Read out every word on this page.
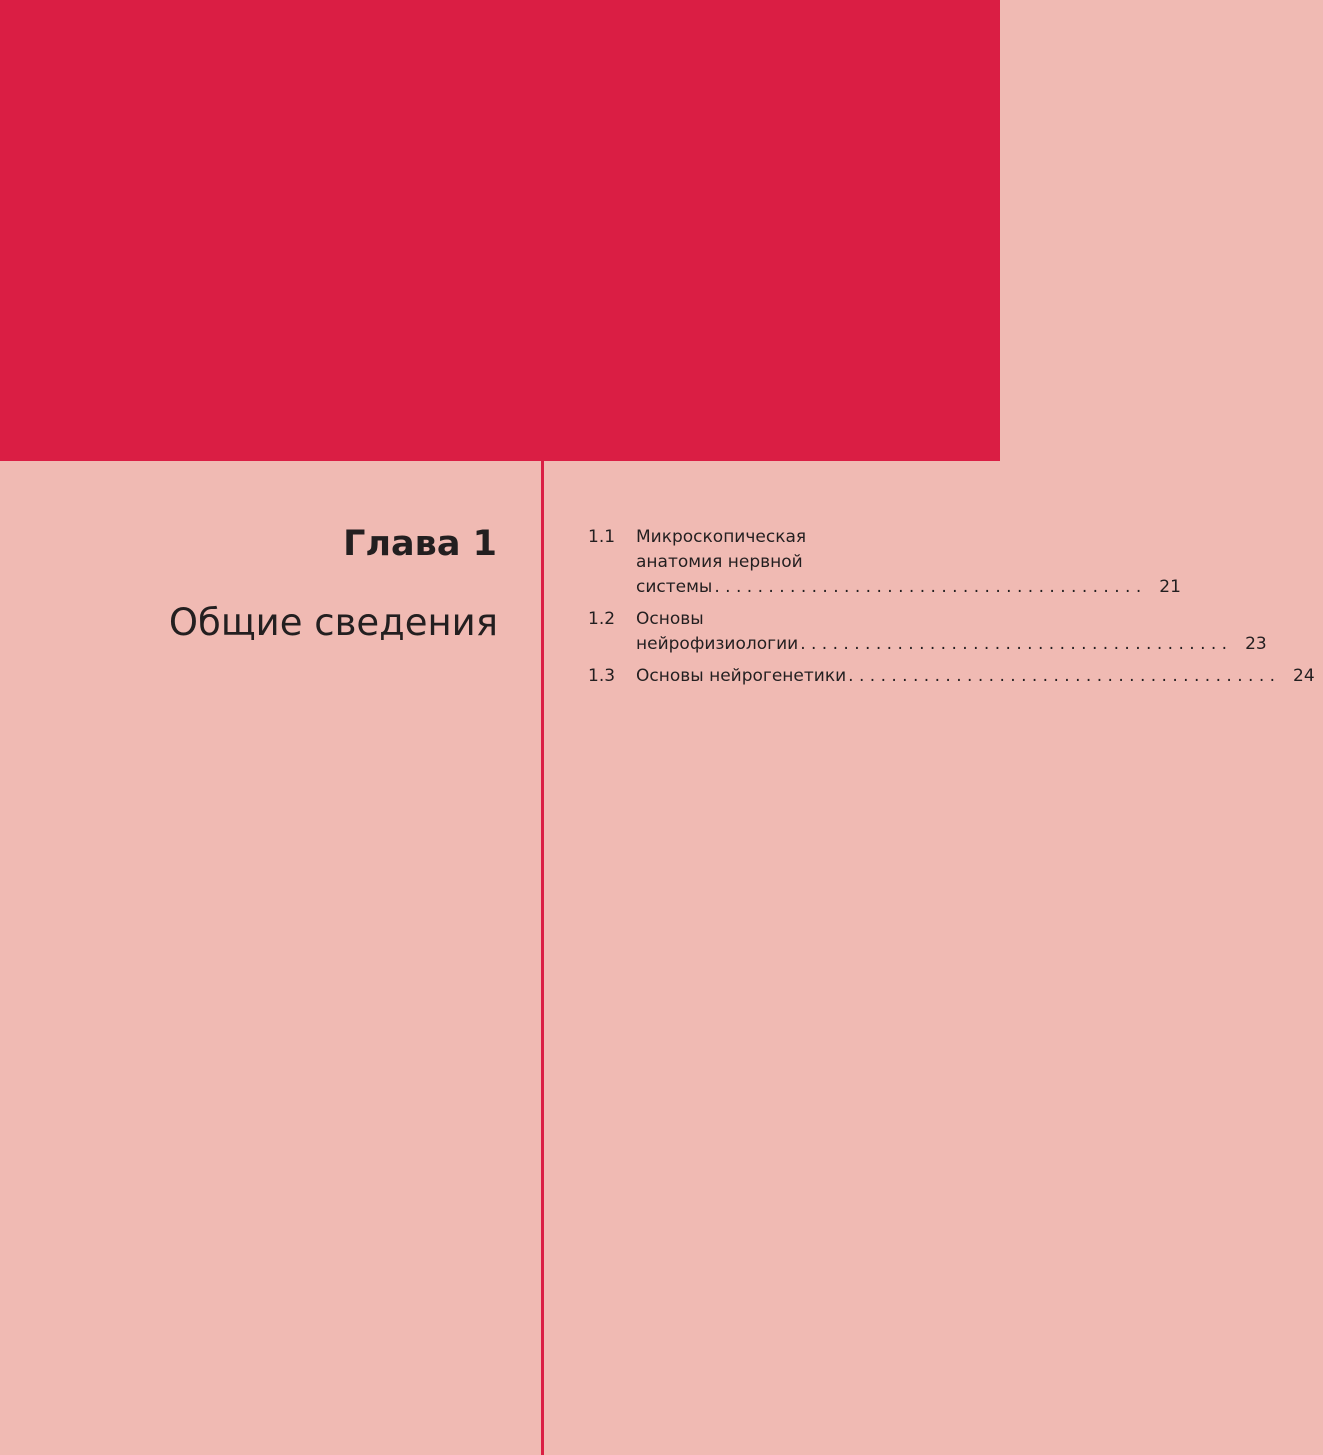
Глава 1
Общие сведения
1.1	Микроскопическая
анатомия нервной
системы . . .	21
1.2	Основы
нейрофизиологии . . .	23
1.3	Основы нейрогенетики . . .	24
